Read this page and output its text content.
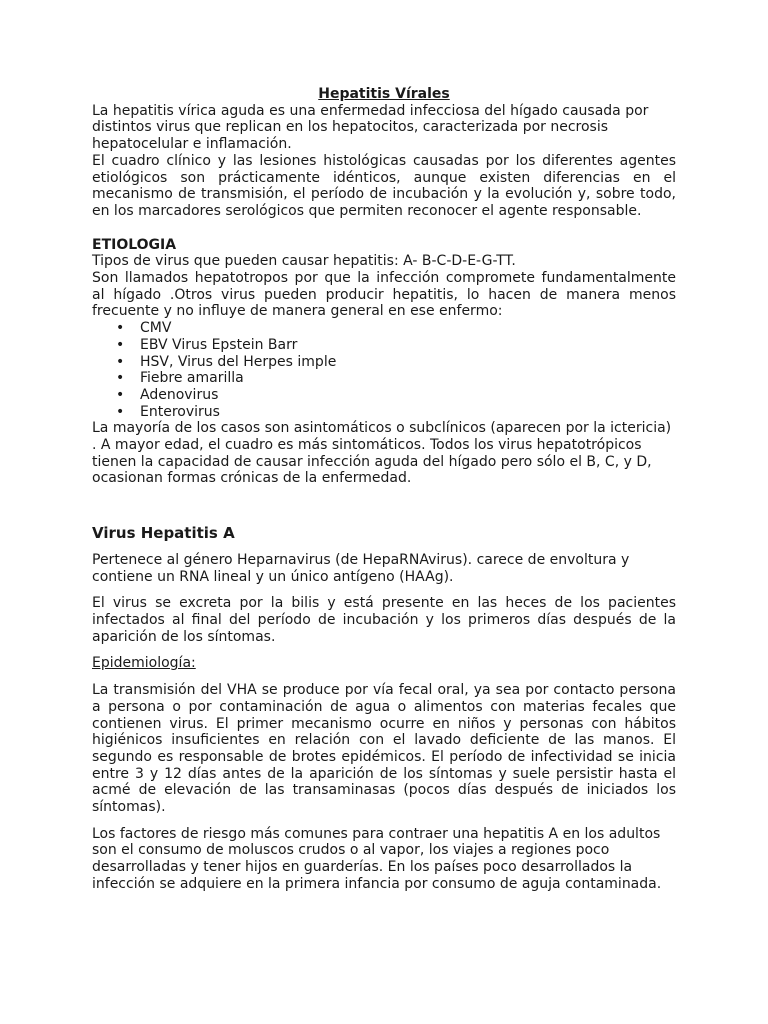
Hepatitis Vírales

La hepatitis vírica aguda es una enfermedad infecciosa del hígado causada por distintos virus que replican en los hepatocitos, caracterizada por necrosis hepatocelular e inflamación.

El cuadro clínico y las lesiones histológicas causadas por los diferentes agentes etiológicos son prácticamente idénticos, aunque existen diferencias en el mecanismo de transmisión, el período de incubación y la evolución y, sobre todo, en los marcadores serológicos que permiten reconocer el agente responsable.

ETIOLOGIA

Tipos de virus que pueden causar hepatitis: A- B-C-D-E-G-TT.

Son llamados hepatotropos por que la infección compromete fundamentalmente al hígado .Otros virus pueden producir hepatitis, lo hacen de manera menos frecuente y no influye de manera general en ese enfermo:

• CMV
• EBV Virus Epstein Barr
• HSV, Virus del Herpes imple
• Fiebre amarilla
• Adenovirus
• Enterovirus

La mayoría de los casos son asintomáticos o subclínicos (aparecen por la ictericia) . A mayor edad, el cuadro es más sintomáticos. Todos los virus hepatotrópicos tienen la capacidad de causar infección aguda del hígado pero sólo el B, C, y D, ocasionan formas crónicas de la enfermedad.

Virus Hepatitis A

Pertenece al género Heparnavirus (de HepaRNAvirus). carece de envoltura y contiene un RNA lineal y un único antígeno (HAAg).

El virus se excreta por la bilis y está presente en las heces de los pacientes infectados al final del período de incubación y los primeros días después de la aparición de los síntomas.

Epidemiología:

La transmisión del VHA se produce por vía fecal oral, ya sea por contacto persona a persona o por contaminación de agua o alimentos con materias fecales que contienen virus. El primer mecanismo ocurre en niños y personas con hábitos higiénicos insuficientes en relación con el lavado deficiente de las manos. El segundo es responsable de brotes epidémicos. El período de infectividad se inicia entre 3 y 12 días antes de la aparición de los síntomas y suele persistir hasta el acmé de elevación de las transaminasas (pocos días después de iniciados los síntomas).

Los factores de riesgo más comunes para contraer una hepatitis A en los adultos son el consumo de moluscos crudos o al vapor, los viajes a regiones poco desarrolladas y tener hijos en guarderías. En los países poco desarrollados la infección se adquiere en la primera infancia por consumo de aguja contaminada.
